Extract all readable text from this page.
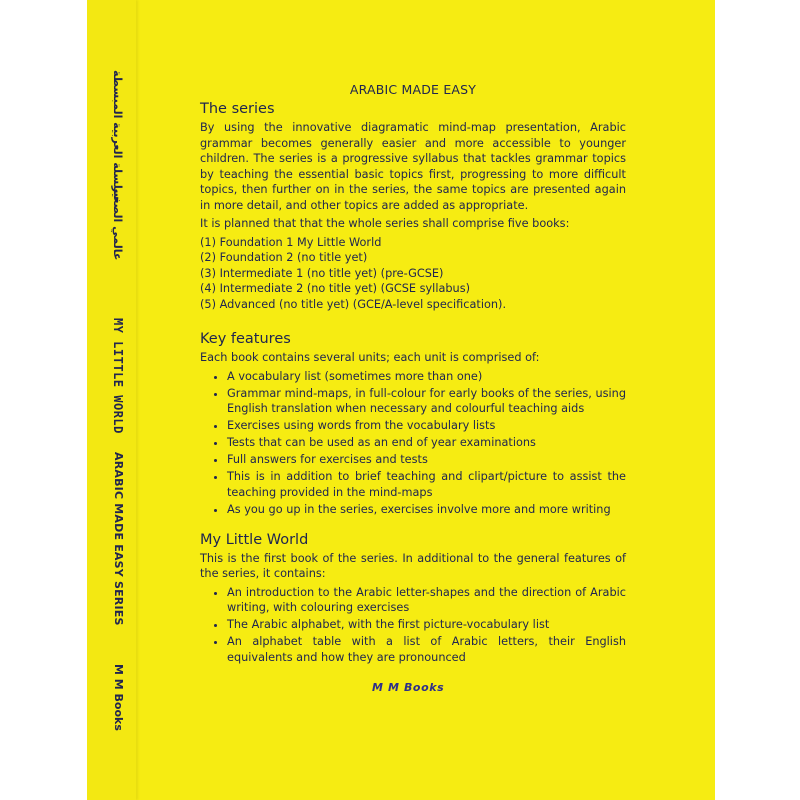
سلسلة العربية المبسطة
عالمي الصغير
MY LITTLE WORLD
ARABIC MADE EASY SERIES
M M Books
ARABIC MADE EASY
The series
By using the innovative diagramatic mind-map presentation, Arabic grammar becomes generally easier and more accessible to younger children. The series is a progressive syllabus that tackles grammar topics by teaching the essential basic topics first, progressing to more difficult topics, then further on in the series, the same topics are presented again in more detail, and other topics are added as appropriate.
It is planned that that the whole series shall comprise five books:
(1) Foundation 1 My Little World
(2) Foundation 2 (no title yet)
(3) Intermediate 1 (no title yet) (pre-GCSE)
(4) Intermediate 2 (no title yet) (GCSE syllabus)
(5) Advanced (no title yet) (GCE/A-level specification).
Key features
Each book contains several units; each unit is comprised of:
• A vocabulary list (sometimes more than one)
• Grammar mind-maps, in full-colour for early books of the series, using English translation when necessary and colourful teaching aids
• Exercises using words from the vocabulary lists
• Tests that can be used as an end of year examinations
• Full answers for exercises and tests
• This is in addition to brief teaching and clipart/picture to assist the teaching provided in the mind-maps
• As you go up in the series, exercises involve more and more writing
My Little World
This is the first book of the series. In additional to the general features of the series, it contains:
• An introduction to the Arabic letter-shapes and the direction of Arabic writing, with colouring exercises
• The Arabic alphabet, with the first picture-vocabulary list
• An alphabet table with a list of Arabic letters, their English equivalents and how they are pronounced
M M Books
